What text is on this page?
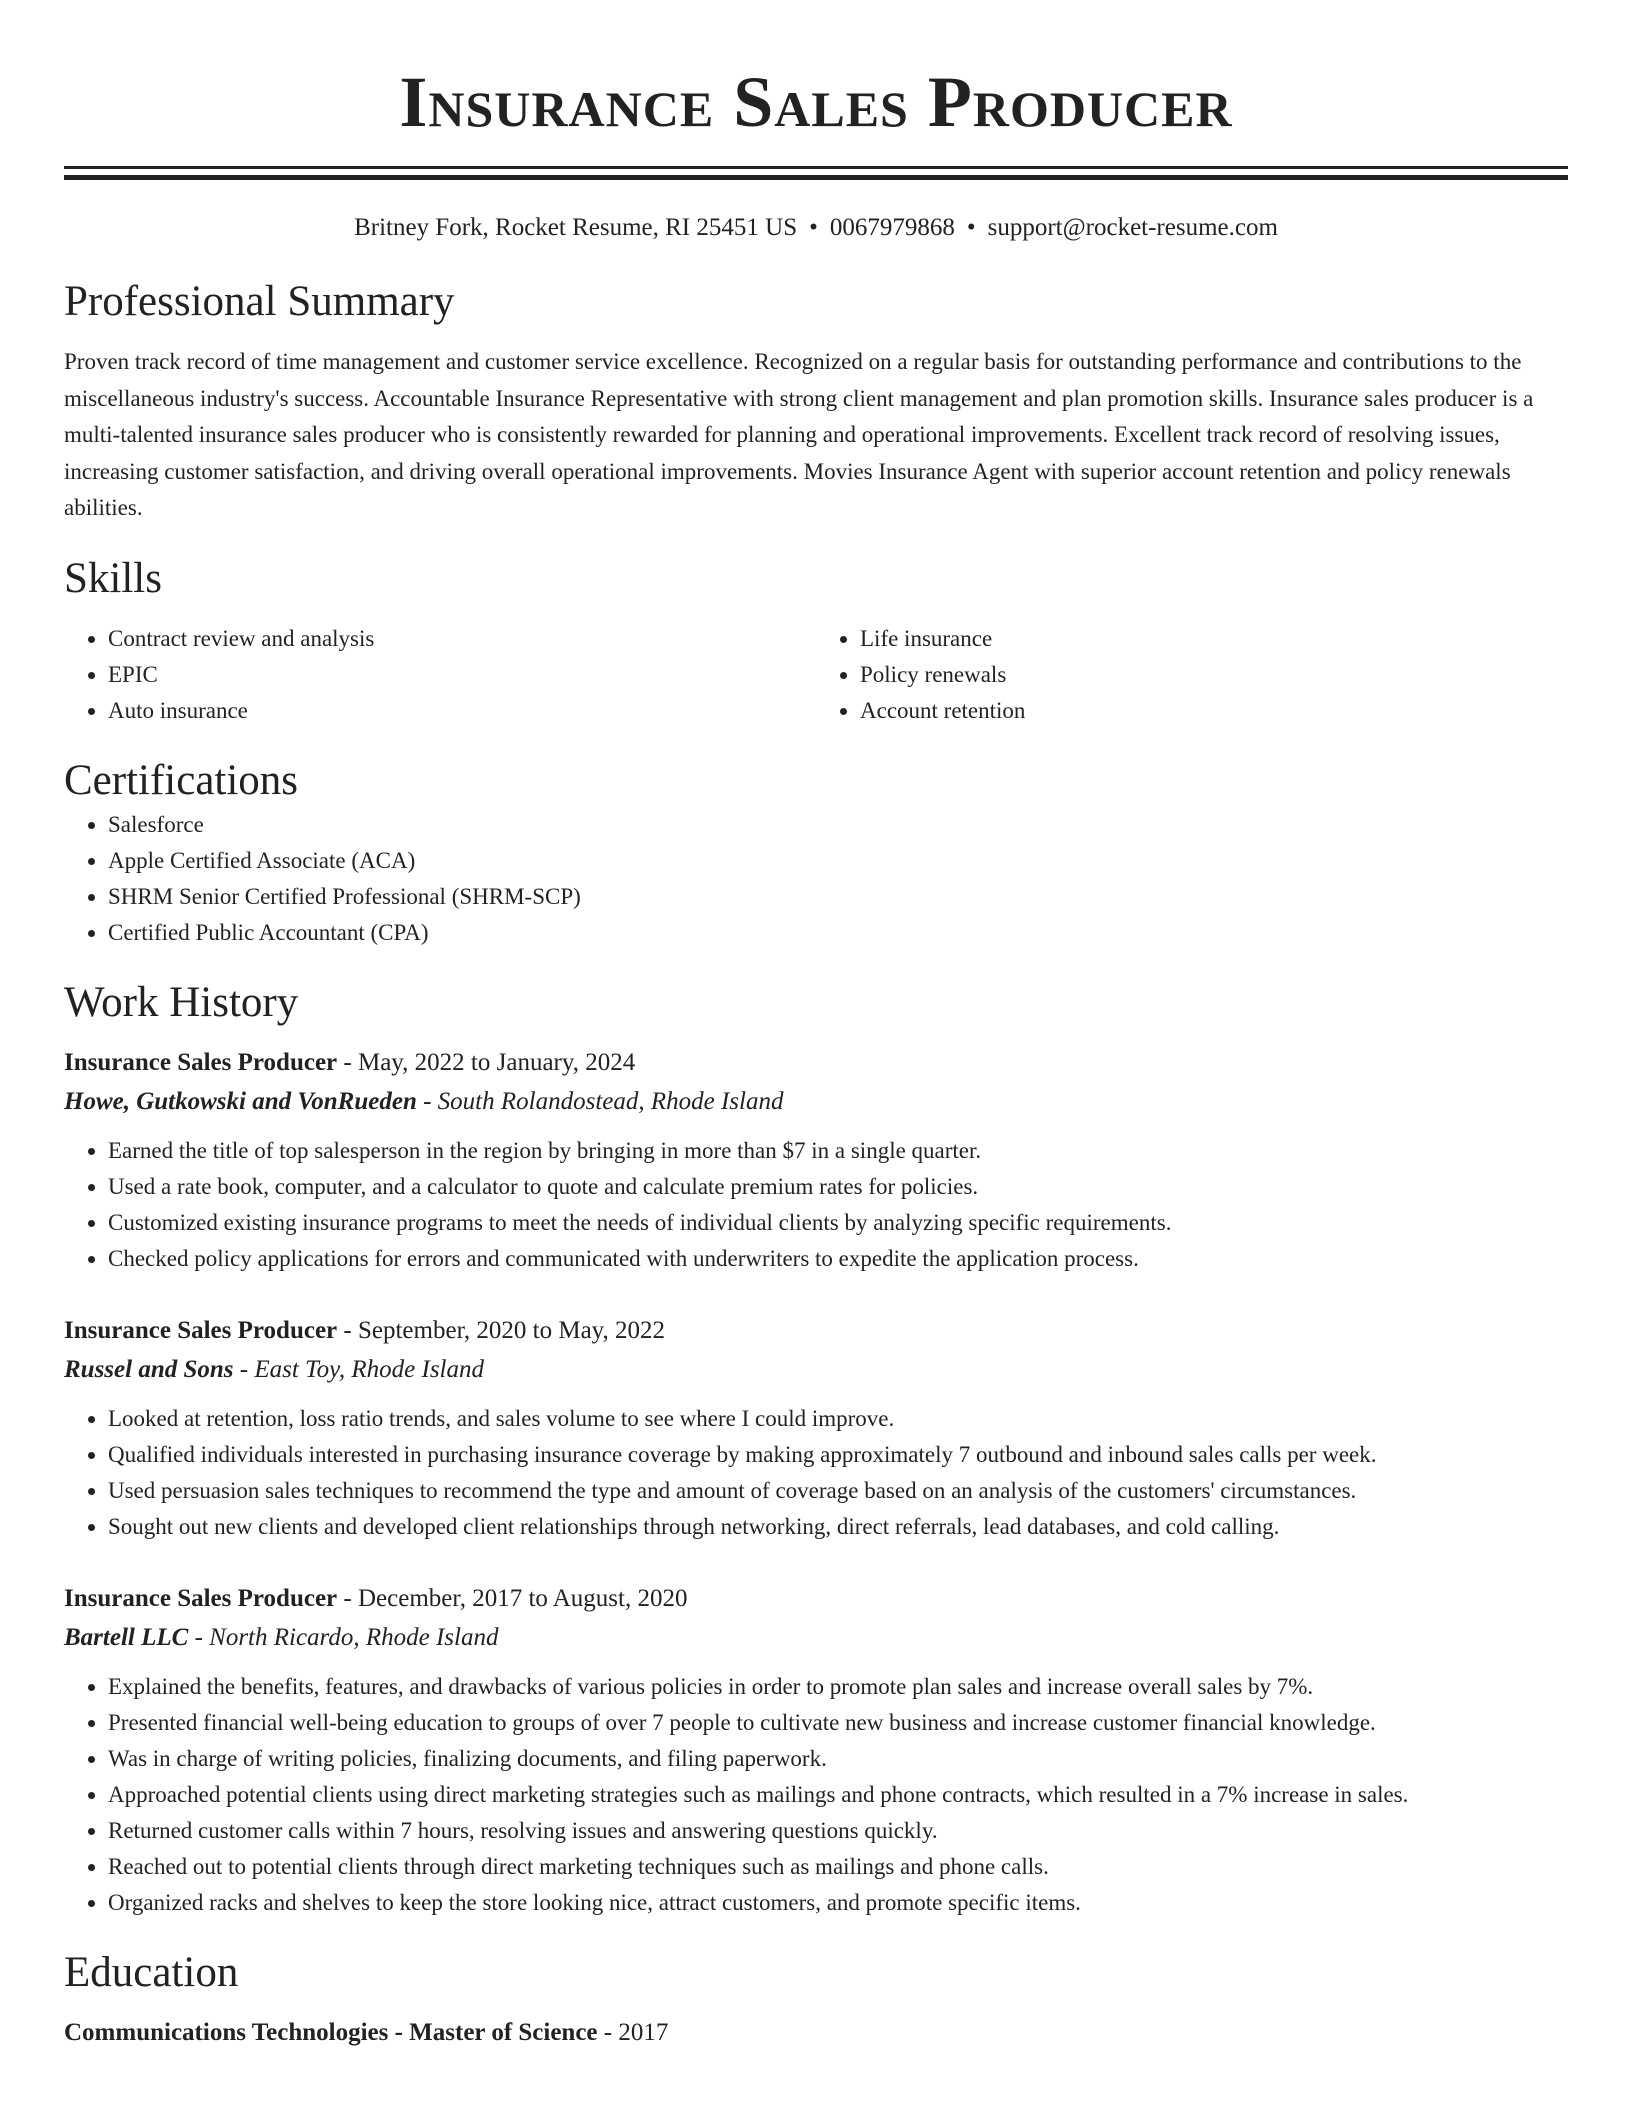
Insurance Sales Producer
Britney Fork, Rocket Resume, RI 25451 US • 0067979868 • support@rocket-resume.com
Professional Summary

Proven track record of time management and customer service excellence. Recognized on a regular basis for outstanding performance and contributions to the miscellaneous industry's success. Accountable Insurance Representative with strong client management and plan promotion skills. Insurance sales producer is a multi-talented insurance sales producer who is consistently rewarded for planning and operational improvements. Excellent track record of resolving issues, increasing customer satisfaction, and driving overall operational improvements. Movies Insurance Agent with superior account retention and policy renewals abilities.

Skills
• Contract review and analysis
• EPIC
• Auto insurance
• Life insurance
• Policy renewals
• Account retention
Certifications
• Salesforce
• Apple Certified Associate (ACA)
• SHRM Senior Certified Professional (SHRM-SCP)
• Certified Public Accountant (CPA)
Work History
Insurance Sales Producer - May, 2022 to January, 2024
Howe, Gutkowski and VonRueden - South Rolandostead, Rhode Island
• Earned the title of top salesperson in the region by bringing in more than $7 in a single quarter.
• Used a rate book, computer, and a calculator to quote and calculate premium rates for policies.
• Customized existing insurance programs to meet the needs of individual clients by analyzing specific requirements.
• Checked policy applications for errors and communicated with underwriters to expedite the application process.
Insurance Sales Producer - September, 2020 to May, 2022
Russel and Sons - East Toy, Rhode Island
• Looked at retention, loss ratio trends, and sales volume to see where I could improve.
• Qualified individuals interested in purchasing insurance coverage by making approximately 7 outbound and inbound sales calls per week.
• Used persuasion sales techniques to recommend the type and amount of coverage based on an analysis of the customers' circumstances.
• Sought out new clients and developed client relationships through networking, direct referrals, lead databases, and cold calling.
Insurance Sales Producer - December, 2017 to August, 2020
Bartell LLC - North Ricardo, Rhode Island
• Explained the benefits, features, and drawbacks of various policies in order to promote plan sales and increase overall sales by 7%.
• Presented financial well-being education to groups of over 7 people to cultivate new business and increase customer financial knowledge.
• Was in charge of writing policies, finalizing documents, and filing paperwork.
• Approached potential clients using direct marketing strategies such as mailings and phone contracts, which resulted in a 7% increase in sales.
• Returned customer calls within 7 hours, resolving issues and answering questions quickly.
• Reached out to potential clients through direct marketing techniques such as mailings and phone calls.
• Organized racks and shelves to keep the store looking nice, attract customers, and promote specific items.
Education
Communications Technologies - Master of Science - 2017
